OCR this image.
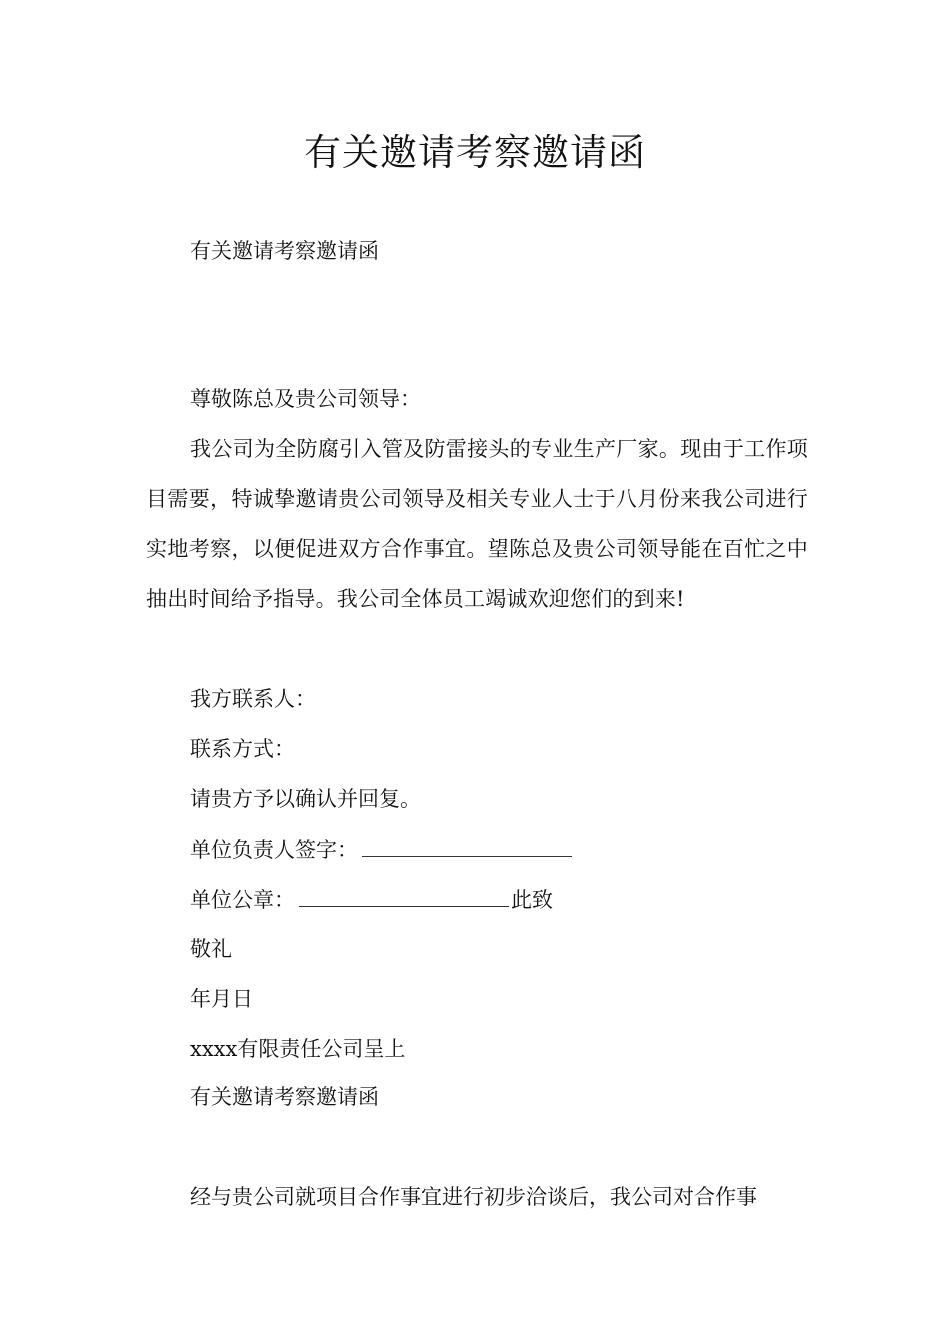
有关邀请考察邀请函
有关邀请考察邀请函
尊敬陈总及贵公司领导：
我公司为全防腐引入管及防雷接头的专业生产厂家。现由于工作项目需要，特诚挚邀请贵公司领导及相关专业人士于八月份来我公司进行实地考察，以便促进双方合作事宜。望陈总及贵公司领导能在百忙之中抽出时间给予指导。我公司全体员工竭诚欢迎您们的到来!
我方联系人：
联系方式：
请贵方予以确认并回复。
单位负责人签字：
单位公章：	此致
敬礼
年月日
xxxx有限责任公司呈上
有关邀请考察邀请函
经与贵公司就项目合作事宜进行初步洽谈后，我公司对合作事
